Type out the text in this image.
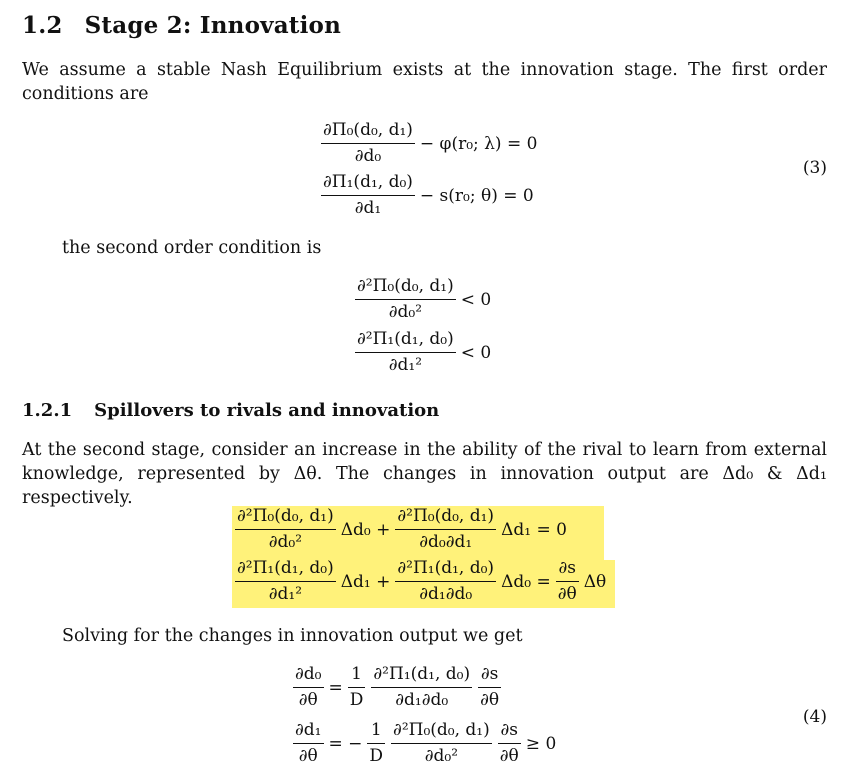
1.2 Stage 2: Innovation

We assume a stable Nash Equilibrium exists at the innovation stage. The first order conditions are

$\frac{\text{∂Π₀(d₀, d₁)}}{\text{∂d₀}} - \varphi(r_0$; λ) = 0
$\frac{\text{∂Π₁(d₁, d₀)}}{\text{∂d₁}} - s(r_0$; θ) = 0
(3)

the second order condition is

$\frac{\text{∂²Π₀(d₀, d₁)}}{\text{∂d₀²}} < 0$
$\frac{\text{∂²Π₁(d₁, d₀)}}{\text{∂d₁²}} < 0$
1.2.1 Spillovers to rivals and innovation

At the second stage, consider an increase in the ability of the rival to learn from external knowledge, represented by Δθ. The changes in innovation output are Δd₀ & Δd₁ respectively.

$\frac{\text{∂²Π₀(d₀, d₁)}}{\text{∂d₀²}} \Delta d_0 + \frac{\text{∂²Π₀(d₀, d₁)}}{\text{∂d₀∂d₁}} \Delta d_1 = 0$
$\frac{\text{∂²Π₁(d₁, d₀)}}{\text{∂d₁²}} \Delta d_1 + \frac{\text{∂²Π₁(d₁, d₀)}}{\text{∂d₁∂d₀}} \Delta d_0 = \frac{\partial s}{\partial\theta}$ Δθ

Solving for the changes in innovation output we get

$\frac{\text{∂d₀}}{\partial\theta} = \frac{1}{D} \frac{\text{∂²Π₁(d₁, d₀)}}{\text{∂d₁∂d₀}} \frac{\partial s}{\partial\theta}$
$\frac{\text{∂d₁}}{\partial\theta}$ = − $\frac{1}{D} \frac{\text{∂²Π₀(d₀, d₁)}}{\text{∂d₀²}} \frac{\partial s}{\partial\theta} \ge 0$
(4)
